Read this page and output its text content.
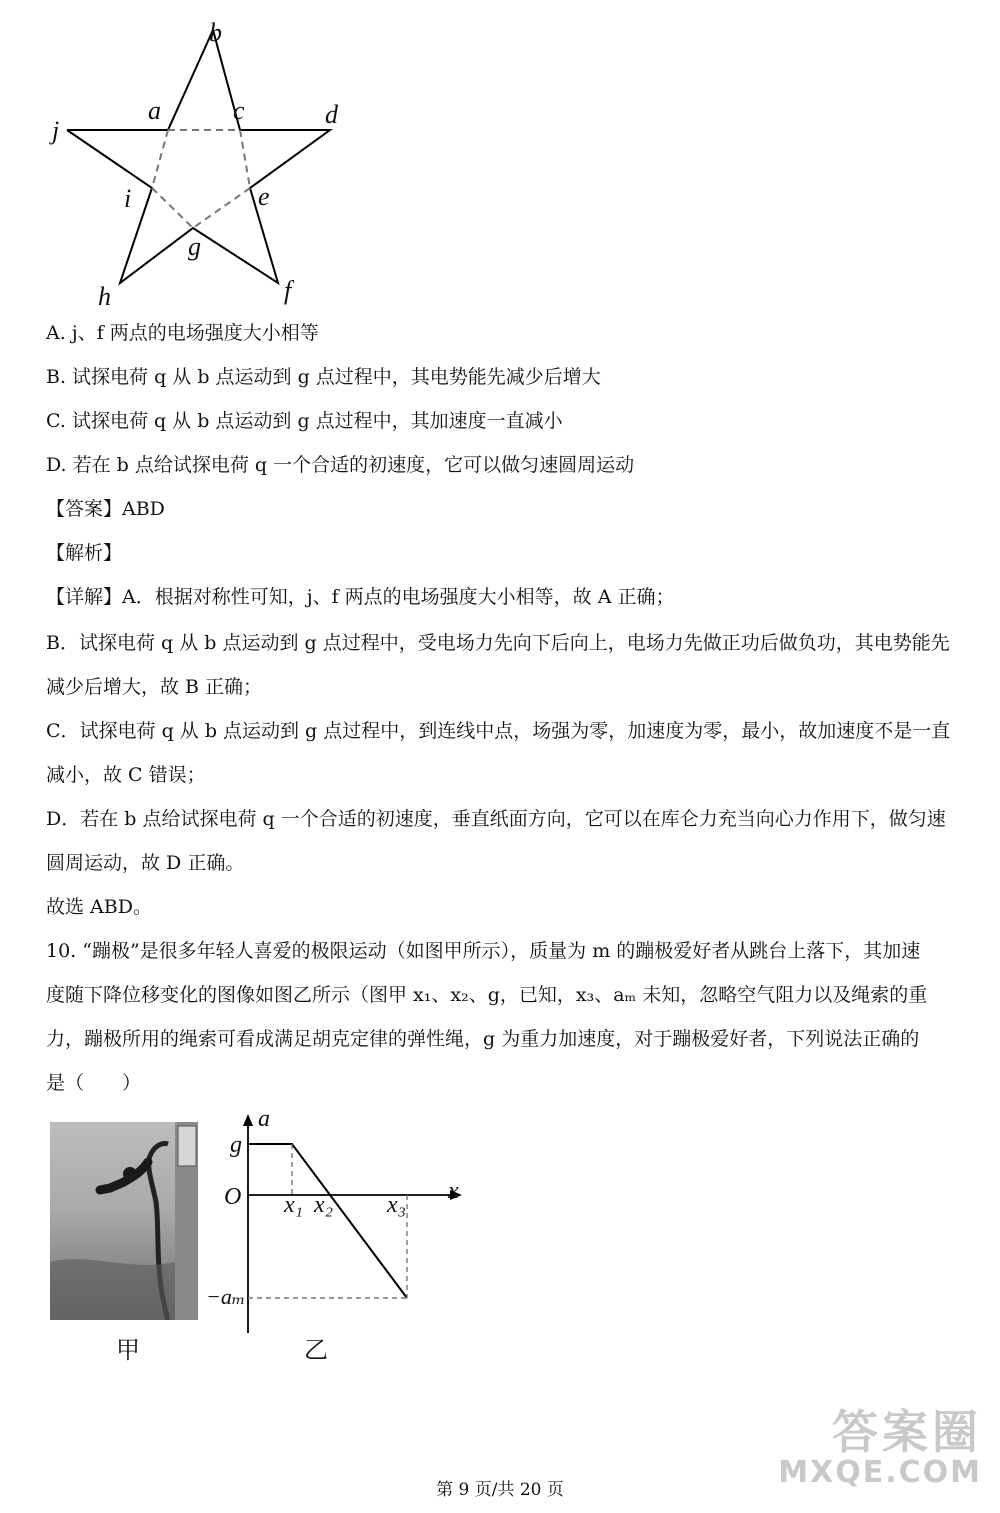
b
a	c	d
j
i	e
g
h	f
A. j、f 两点的电场强度大小相等
B. 试探电荷 q 从 b 点运动到 g 点过程中，其电势能先减少后增大
C. 试探电荷 q 从 b 点运动到 g 点过程中，其加速度一直减小
D. 若在 b 点给试探电荷 q 一个合适的初速度，它可以做匀速圆周运动
【答案】ABD
【解析】
【详解】A．根据对称性可知，j、f 两点的电场强度大小相等，故 A 正确；
B．试探电荷 q 从 b 点运动到 g 点过程中，受电场力先向下后向上，电场力先做正功后做负功，其电势能先
减少后增大，故 B 正确；
C．试探电荷 q 从 b 点运动到 g 点过程中，到连线中点，场强为零，加速度为零，最小，故加速度不是一直
减小，故 C 错误；
D．若在 b 点给试探电荷 q 一个合适的初速度，垂直纸面方向，它可以在库仑力充当向心力作用下，做匀速
圆周运动，故 D 正确。
故选 ABD。
10. “蹦极”是很多年轻人喜爱的极限运动（如图甲所示），质量为 m 的蹦极爱好者从跳台上落下，其加速
度随下降位移变化的图像如图乙所示（图甲 x₁、x₂、g，已知，x₃、aₘ 未知，忽略空气阻力以及绳索的重
力，蹦极所用的绳索可看成满足胡克定律的弹性绳，g 为重力加速度，对于蹦极爱好者，下列说法正确的
是（　　）
甲
a
g
O	x
x₁ x₂ x₃
−aₘ
乙
第 9 页/共 20 页
答案圈
MXQE.COM
